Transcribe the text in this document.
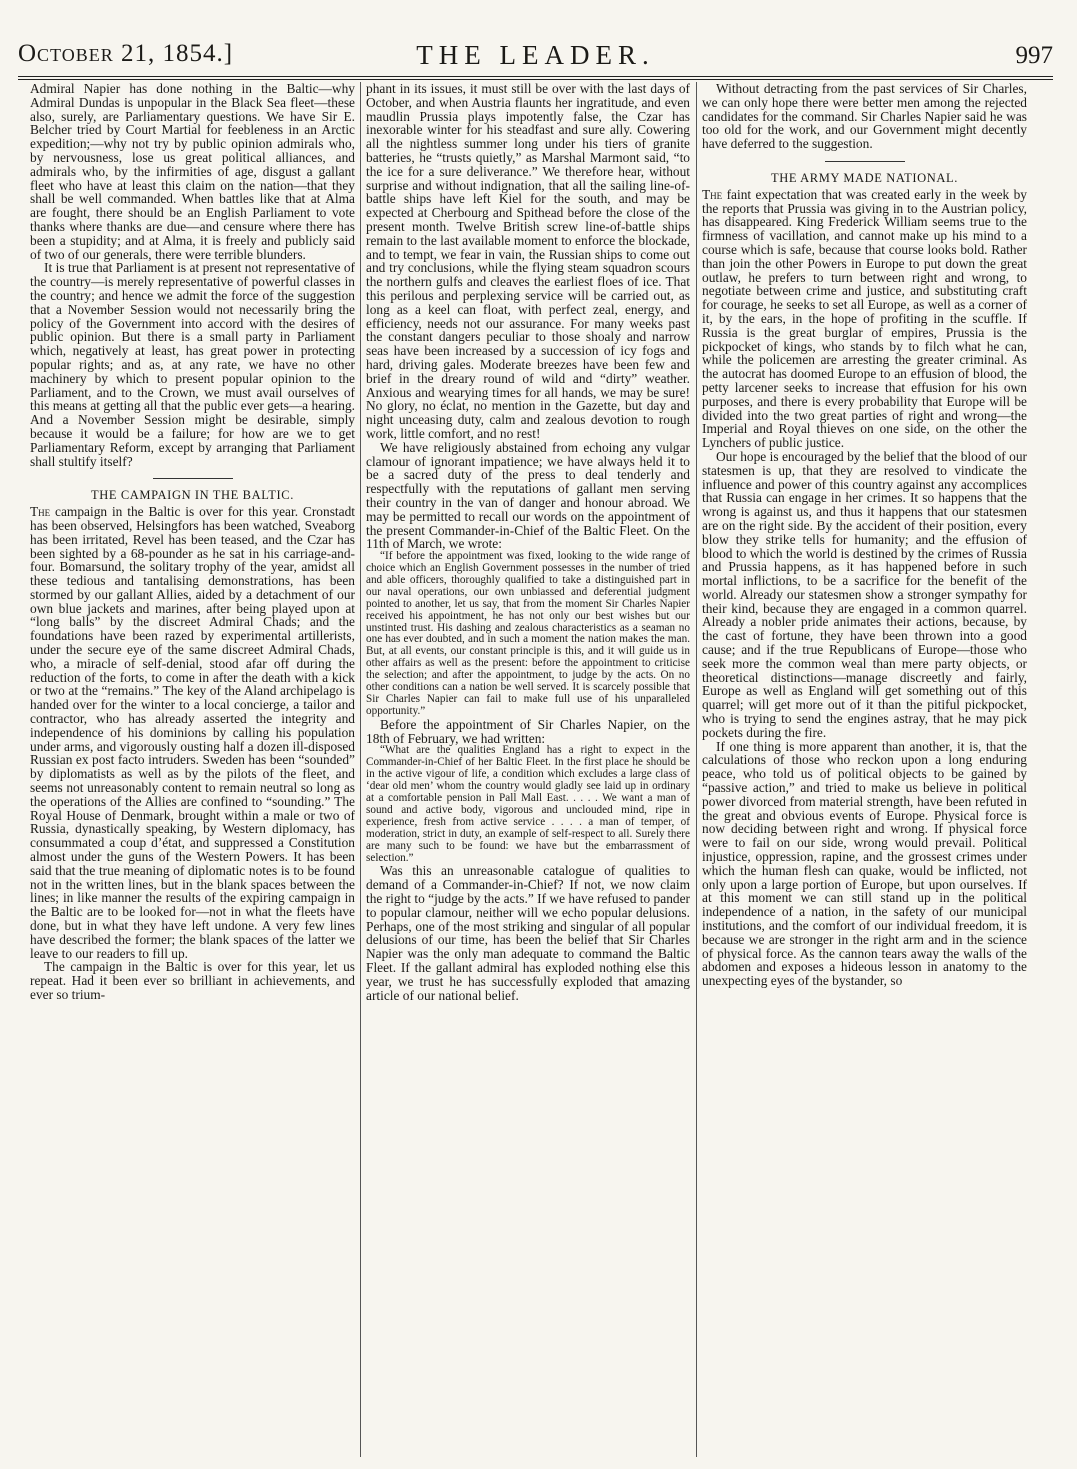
October 21, 1854.]	THE LEADER.	997

Admiral Napier has done nothing in the Baltic—why Admiral Dundas is unpopular in the Black Sea fleet—these also, surely, are Parliamentary questions. We have Sir E. Belcher tried by Court Martial for feebleness in an Arctic expedition;—why not try by public opinion admirals who, by nervousness, lose us great political alliances, and admirals who, by the infirmities of age, disgust a gallant fleet who have at least this claim on the nation—that they shall be well commanded. When battles like that at Alma are fought, there should be an English Parliament to vote thanks where thanks are due—and censure where there has been a stupidity; and at Alma, it is freely and publicly said of two of our generals, there were terrible blunders.

It is true that Parliament is at present not representative of the country—is merely representative of powerful classes in the country; and hence we admit the force of the suggestion that a November Session would not necessarily bring the policy of the Government into accord with the desires of public opinion. But there is a small party in Parliament which, negatively at least, has great power in protecting popular rights; and as, at any rate, we have no other machinery by which to present popular opinion to the Parliament, and to the Crown, we must avail ourselves of this means at getting all that the public ever gets—a hearing. And a November Session might be desirable, simply because it would be a failure; for how are we to get Parliamentary Reform, except by arranging that Parliament shall stultify itself?

THE CAMPAIGN IN THE BALTIC.

The campaign in the Baltic is over for this year. Cronstadt has been observed, Helsingfors has been watched, Sveaborg has been irritated, Revel has been teased, and the Czar has been sighted by a 68-pounder as he sat in his carriage-and-four. Bomarsund, the solitary trophy of the year, amidst all these tedious and tantalising demonstrations, has been stormed by our gallant Allies, aided by a detachment of our own blue jackets and marines, after being played upon at “long balls” by the discreet Admiral Chads; and the foundations have been razed by experimental artillerists, under the secure eye of the same discreet Admiral Chads, who, a miracle of self-denial, stood afar off during the reduction of the forts, to come in after the death with a kick or two at the “remains.” The key of the Aland archipelago is handed over for the winter to a local concierge, a tailor and contractor, who has already asserted the integrity and independence of his dominions by calling his population under arms, and vigorously ousting half a dozen ill-disposed Russian ex post facto intruders. Sweden has been “sounded” by diplomatists as well as by the pilots of the fleet, and seems not unreasonably content to remain neutral so long as the operations of the Allies are confined to “sounding.” The Royal House of Denmark, brought within a male or two of Russia, dynastically speaking, by Western diplomacy, has consummated a coup d’état, and suppressed a Constitution almost under the guns of the Western Powers. It has been said that the true meaning of diplomatic notes is to be found not in the written lines, but in the blank spaces between the lines; in like manner the results of the expiring campaign in the Baltic are to be looked for—not in what the fleets have done, but in what they have left undone. A very few lines have described the former; the blank spaces of the latter we leave to our readers to fill up.

The campaign in the Baltic is over for this year, let us repeat. Had it been ever so brilliant in achievements, and ever so trium-

phant in its issues, it must still be over with the last days of October, and when Austria flaunts her ingratitude, and even maudlin Prussia plays impotently false, the Czar has inexorable winter for his steadfast and sure ally. Cowering all the nightless summer long under his tiers of granite batteries, he “trusts quietly,” as Marshal Marmont said, “to the ice for a sure deliverance.” We therefore hear, without surprise and without indignation, that all the sailing line-of-battle ships have left Kiel for the south, and may be expected at Cherbourg and Spithead before the close of the present month. Twelve British screw line-of-battle ships remain to the last available moment to enforce the blockade, and to tempt, we fear in vain, the Russian ships to come out and try conclusions, while the flying steam squadron scours the northern gulfs and cleaves the earliest floes of ice. That this perilous and perplexing service will be carried out, as long as a keel can float, with perfect zeal, energy, and efficiency, needs not our assurance. For many weeks past the constant dangers peculiar to those shoaly and narrow seas have been increased by a succession of icy fogs and hard, driving gales. Moderate breezes have been few and brief in the dreary round of wild and “dirty” weather. Anxious and wearying times for all hands, we may be sure! No glory, no éclat, no mention in the Gazette, but day and night unceasing duty, calm and zealous devotion to rough work, little comfort, and no rest!

We have religiously abstained from echoing any vulgar clamour of ignorant impatience; we have always held it to be a sacred duty of the press to deal tenderly and respectfully with the reputations of gallant men serving their country in the van of danger and honour abroad. We may be permitted to recall our words on the appointment of the present Commander-in-Chief of the Baltic Fleet. On the 11th of March, we wrote:

“If before the appointment was fixed, looking to the wide range of choice which an English Government possesses in the number of tried and able officers, thoroughly qualified to take a distinguished part in our naval operations, our own unbiassed and deferential judgment pointed to another, let us say, that from the moment Sir Charles Napier received his appointment, he has not only our best wishes but our unstinted trust. His dashing and zealous characteristics as a seaman no one has ever doubted, and in such a moment the nation makes the man. But, at all events, our constant principle is this, and it will guide us in other affairs as well as the present: before the appointment to criticise the selection; and after the appointment, to judge by the acts. On no other conditions can a nation be well served. It is scarcely possible that Sir Charles Napier can fail to make full use of his unparalleled opportunity.”

Before the appointment of Sir Charles Napier, on the 18th of February, we had written:

“What are the qualities England has a right to expect in the Commander-in-Chief of her Baltic Fleet. In the first place he should be in the active vigour of life, a condition which excludes a large class of ‘dear old men’ whom the country would gladly see laid up in ordinary at a comfortable pension in Pall Mall East. . . . . We want a man of sound and active body, vigorous and unclouded mind, ripe in experience, fresh from active service . . . . a man of temper, of moderation, strict in duty, an example of self-respect to all. Surely there are many such to be found: we have but the embarrassment of selection.”

Was this an unreasonable catalogue of qualities to demand of a Commander-in-Chief? If not, we now claim the right to “judge by the acts.” If we have refused to pander to popular clamour, neither will we echo popular delusions. Perhaps, one of the most striking and singular of all popular delusions of our time, has been the belief that Sir Charles Napier was the only man adequate to command the Baltic Fleet. If the gallant admiral has exploded nothing else this year, we trust he has successfully exploded that amazing article of our national belief.

Without detracting from the past services of Sir Charles, we can only hope there were better men among the rejected candidates for the command. Sir Charles Napier said he was too old for the work, and our Government might decently have deferred to the suggestion.

THE ARMY MADE NATIONAL.

The faint expectation that was created early in the week by the reports that Prussia was giving in to the Austrian policy, has disappeared. King Frederick William seems true to the firmness of vacillation, and cannot make up his mind to a course which is safe, because that course looks bold. Rather than join the other Powers in Europe to put down the great outlaw, he prefers to turn between right and wrong, to negotiate between crime and justice, and substituting craft for courage, he seeks to set all Europe, as well as a corner of it, by the ears, in the hope of profiting in the scuffle. If Russia is the great burglar of empires, Prussia is the pickpocket of kings, who stands by to filch what he can, while the policemen are arresting the greater criminal. As the autocrat has doomed Europe to an effusion of blood, the petty larcener seeks to increase that effusion for his own purposes, and there is every probability that Europe will be divided into the two great parties of right and wrong—the Imperial and Royal thieves on one side, on the other the Lynchers of public justice.

Our hope is encouraged by the belief that the blood of our statesmen is up, that they are resolved to vindicate the influence and power of this country against any accomplices that Russia can engage in her crimes. It so happens that the wrong is against us, and thus it happens that our statesmen are on the right side. By the accident of their position, every blow they strike tells for humanity; and the effusion of blood to which the world is destined by the crimes of Russia and Prussia happens, as it has happened before in such mortal inflictions, to be a sacrifice for the benefit of the world. Already our statesmen show a stronger sympathy for their kind, because they are engaged in a common quarrel. Already a nobler pride animates their actions, because, by the cast of fortune, they have been thrown into a good cause; and if the true Republicans of Europe—those who seek more the common weal than mere party objects, or theoretical distinctions—manage discreetly and fairly, Europe as well as England will get something out of this quarrel; will get more out of it than the pitiful pickpocket, who is trying to send the engines astray, that he may pick pockets during the fire.

If one thing is more apparent than another, it is, that the calculations of those who reckon upon a long enduring peace, who told us of political objects to be gained by “passive action,” and tried to make us believe in political power divorced from material strength, have been refuted in the great and obvious events of Europe. Physical force is now deciding between right and wrong. If physical force were to fail on our side, wrong would prevail. Political injustice, oppression, rapine, and the grossest crimes under which the human flesh can quake, would be inflicted, not only upon a large portion of Europe, but upon ourselves. If at this moment we can still stand up in the political independence of a nation, in the safety of our municipal institutions, and the comfort of our individual freedom, it is because we are stronger in the right arm and in the science of physical force. As the cannon tears away the walls of the abdomen and exposes a hideous lesson in anatomy to the unexpecting eyes of the bystander, so
